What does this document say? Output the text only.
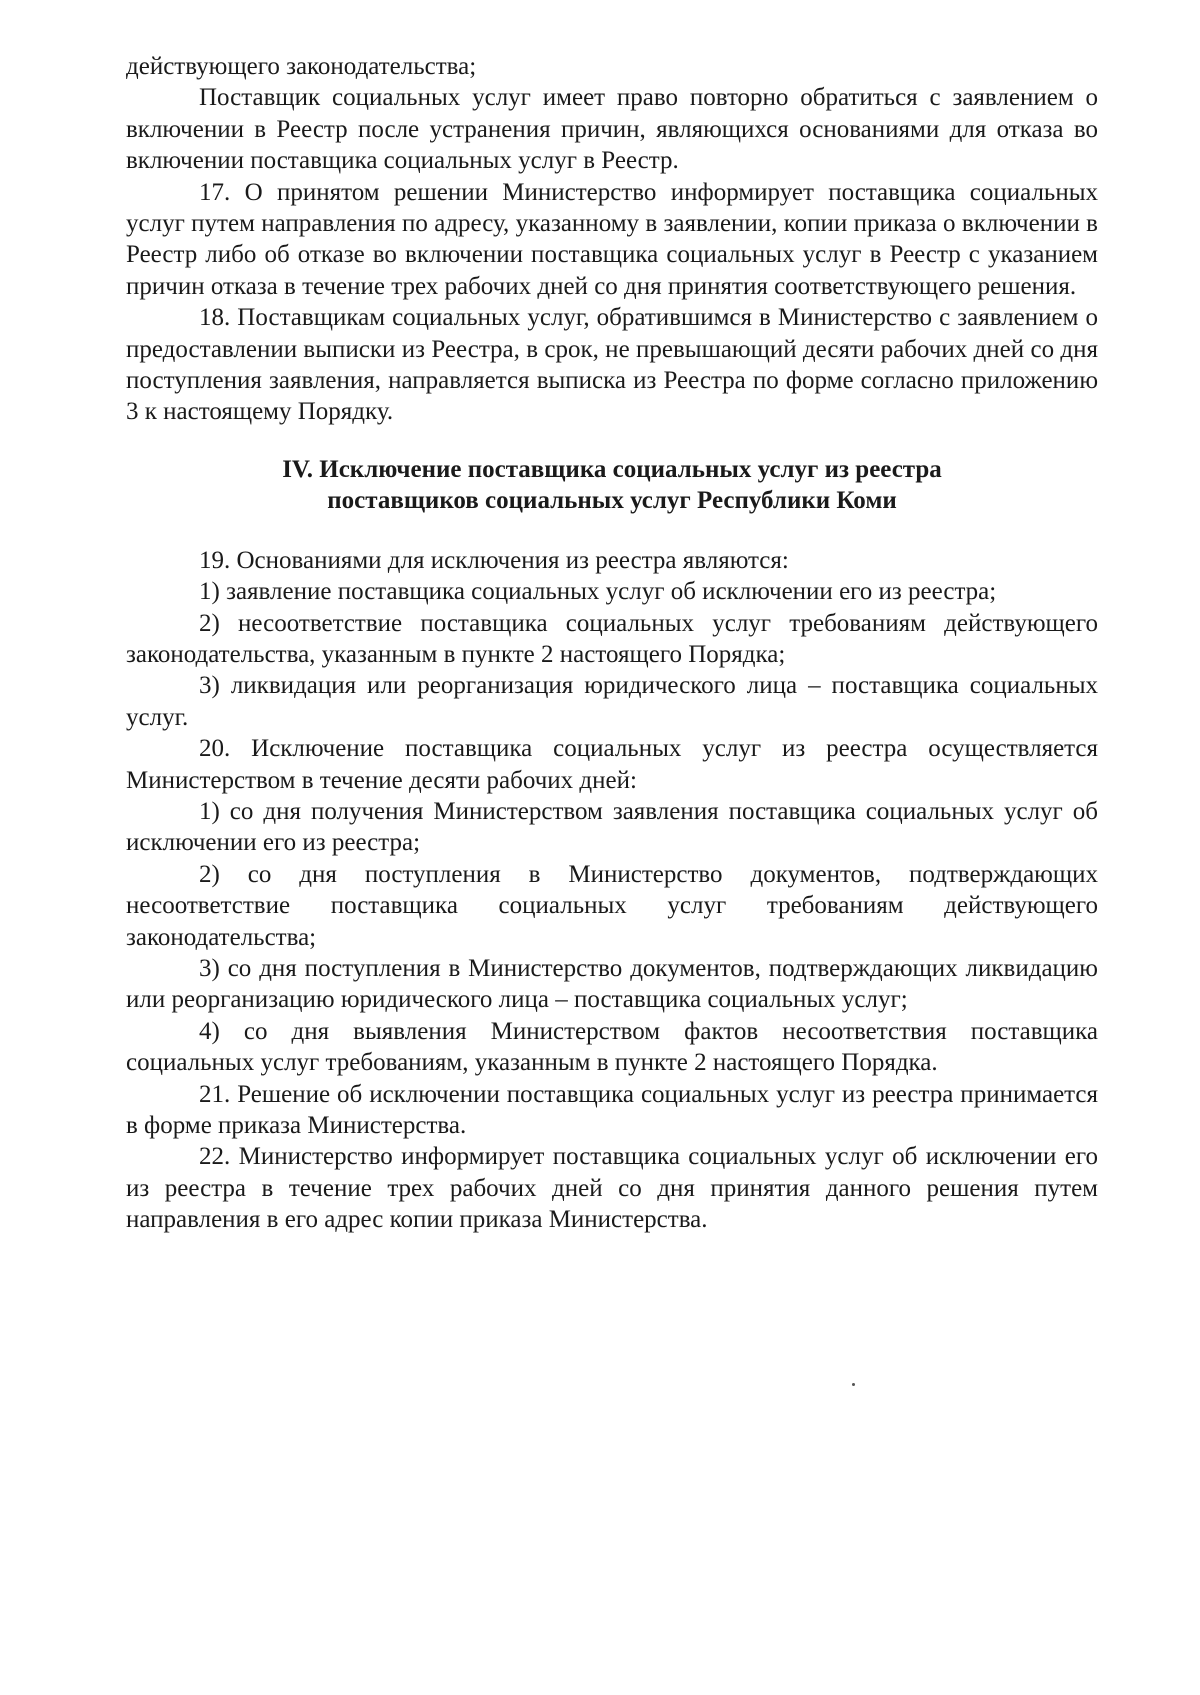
действующего законодательства;

Поставщик социальных услуг имеет право повторно обратиться с заявлением о включении в Реестр после устранения причин, являющихся основаниями для отказа во включении поставщика социальных услуг в Реестр.

17. О принятом решении Министерство информирует поставщика социальных услуг путем направления по адресу, указанному в заявлении, копии приказа о включении в Реестр либо об отказе во включении поставщика социальных услуг в Реестр с указанием причин отказа в течение трех рабочих дней со дня принятия соответствующего решения.

18. Поставщикам социальных услуг, обратившимся в Министерство с заявлением о предоставлении выписки из Реестра, в срок, не превышающий десяти рабочих дней со дня поступления заявления, направляется выписка из Реестра по форме согласно приложению 3 к настоящему Порядку.

IV. Исключение поставщика социальных услуг из реестра
поставщиков социальных услуг Республики Коми

19. Основаниями для исключения из реестра являются:

1) заявление поставщика социальных услуг об исключении его из реестра;

2) несоответствие поставщика социальных услуг требованиям действующего законодательства, указанным в пункте 2 настоящего Порядка;

3) ликвидация или реорганизация юридического лица – поставщика социальных услуг.

20. Исключение поставщика социальных услуг из реестра осуществляется Министерством в течение десяти рабочих дней:

1) со дня получения Министерством заявления поставщика социальных услуг об исключении его из реестра;

2) со дня поступления в Министерство документов, подтверждающих несоответствие поставщика социальных услуг требованиям действующего законодательства;

3) со дня поступления в Министерство документов, подтверждающих ликвидацию или реорганизацию юридического лица – поставщика социальных услуг;

4) со дня выявления Министерством фактов несоответствия поставщика социальных услуг требованиям, указанным в пункте 2 настоящего Порядка.

21. Решение об исключении поставщика социальных услуг из реестра принимается в форме приказа Министерства.

22. Министерство информирует поставщика социальных услуг об исключении его из реестра в течение трех рабочих дней со дня принятия данного решения путем направления в его адрес копии приказа Министерства.
